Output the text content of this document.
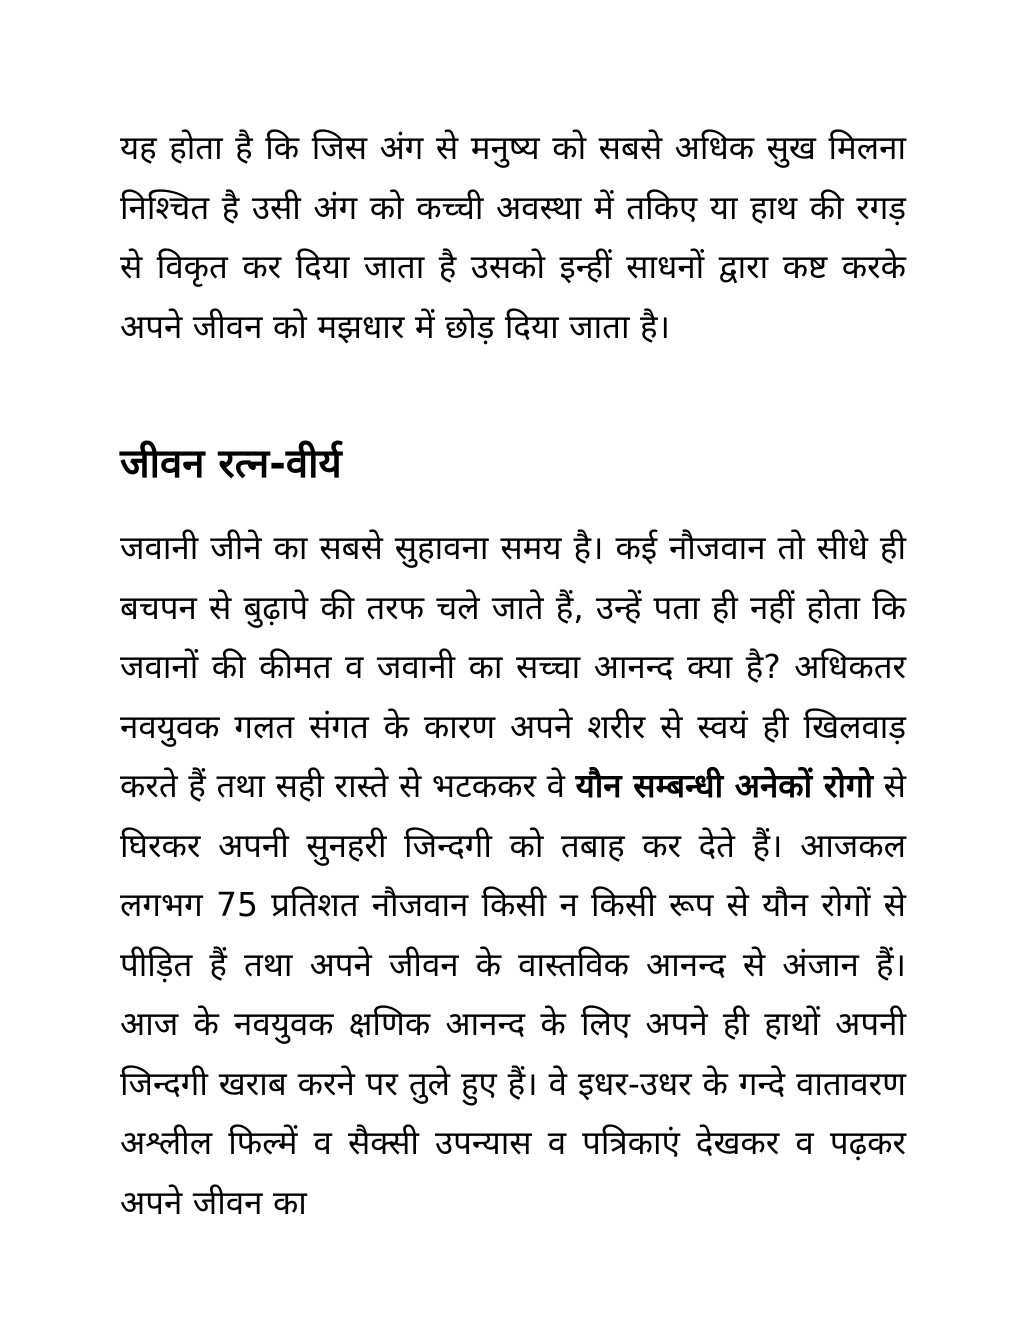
यह होता है कि जिस अंग से मनुष्य को सबसे अधिक सुख मिलना निश्चित है उसी अंग को कच्ची अवस्था में तकिए या हाथ की रगड़ से विकृत कर दिया जाता है उसको इन्हीं साधनों द्वारा कष्ट करके अपने जीवन को मझधार में छोड़ दिया जाता है।

जीवन रत्न-वीर्य

जवानी जीने का सबसे सुहावना समय है। कई नौजवान तो सीधे ही बचपन से बुढ़ापे की तरफ चले जाते हैं, उन्हें पता ही नहीं होता कि जवानों की कीमत व जवानी का सच्चा आनन्द क्या है? अधिकतर नवयुवक गलत संगत के कारण अपने शरीर से स्वयं ही खिलवाड़ करते हैं तथा सही रास्ते से भटककर वे यौन सम्बन्धी अनेकों रोगो से घिरकर अपनी सुनहरी जिन्दगी को तबाह कर देते हैं। आजकल लगभग 75 प्रतिशत नौजवान किसी न किसी रूप से यौन रोगों से पीड़ित हैं तथा अपने जीवन के वास्तविक आनन्द से अंजान हैं। आज के नवयुवक क्षणिक आनन्द के लिए अपने ही हाथों अपनी जिन्दगी खराब करने पर तुले हुए हैं। वे इधर-उधर के गन्दे वातावरण अश्लील फिल्में व सैक्सी उपन्यास व पत्रिकाएं देखकर व पढ़कर अपने जीवन का
